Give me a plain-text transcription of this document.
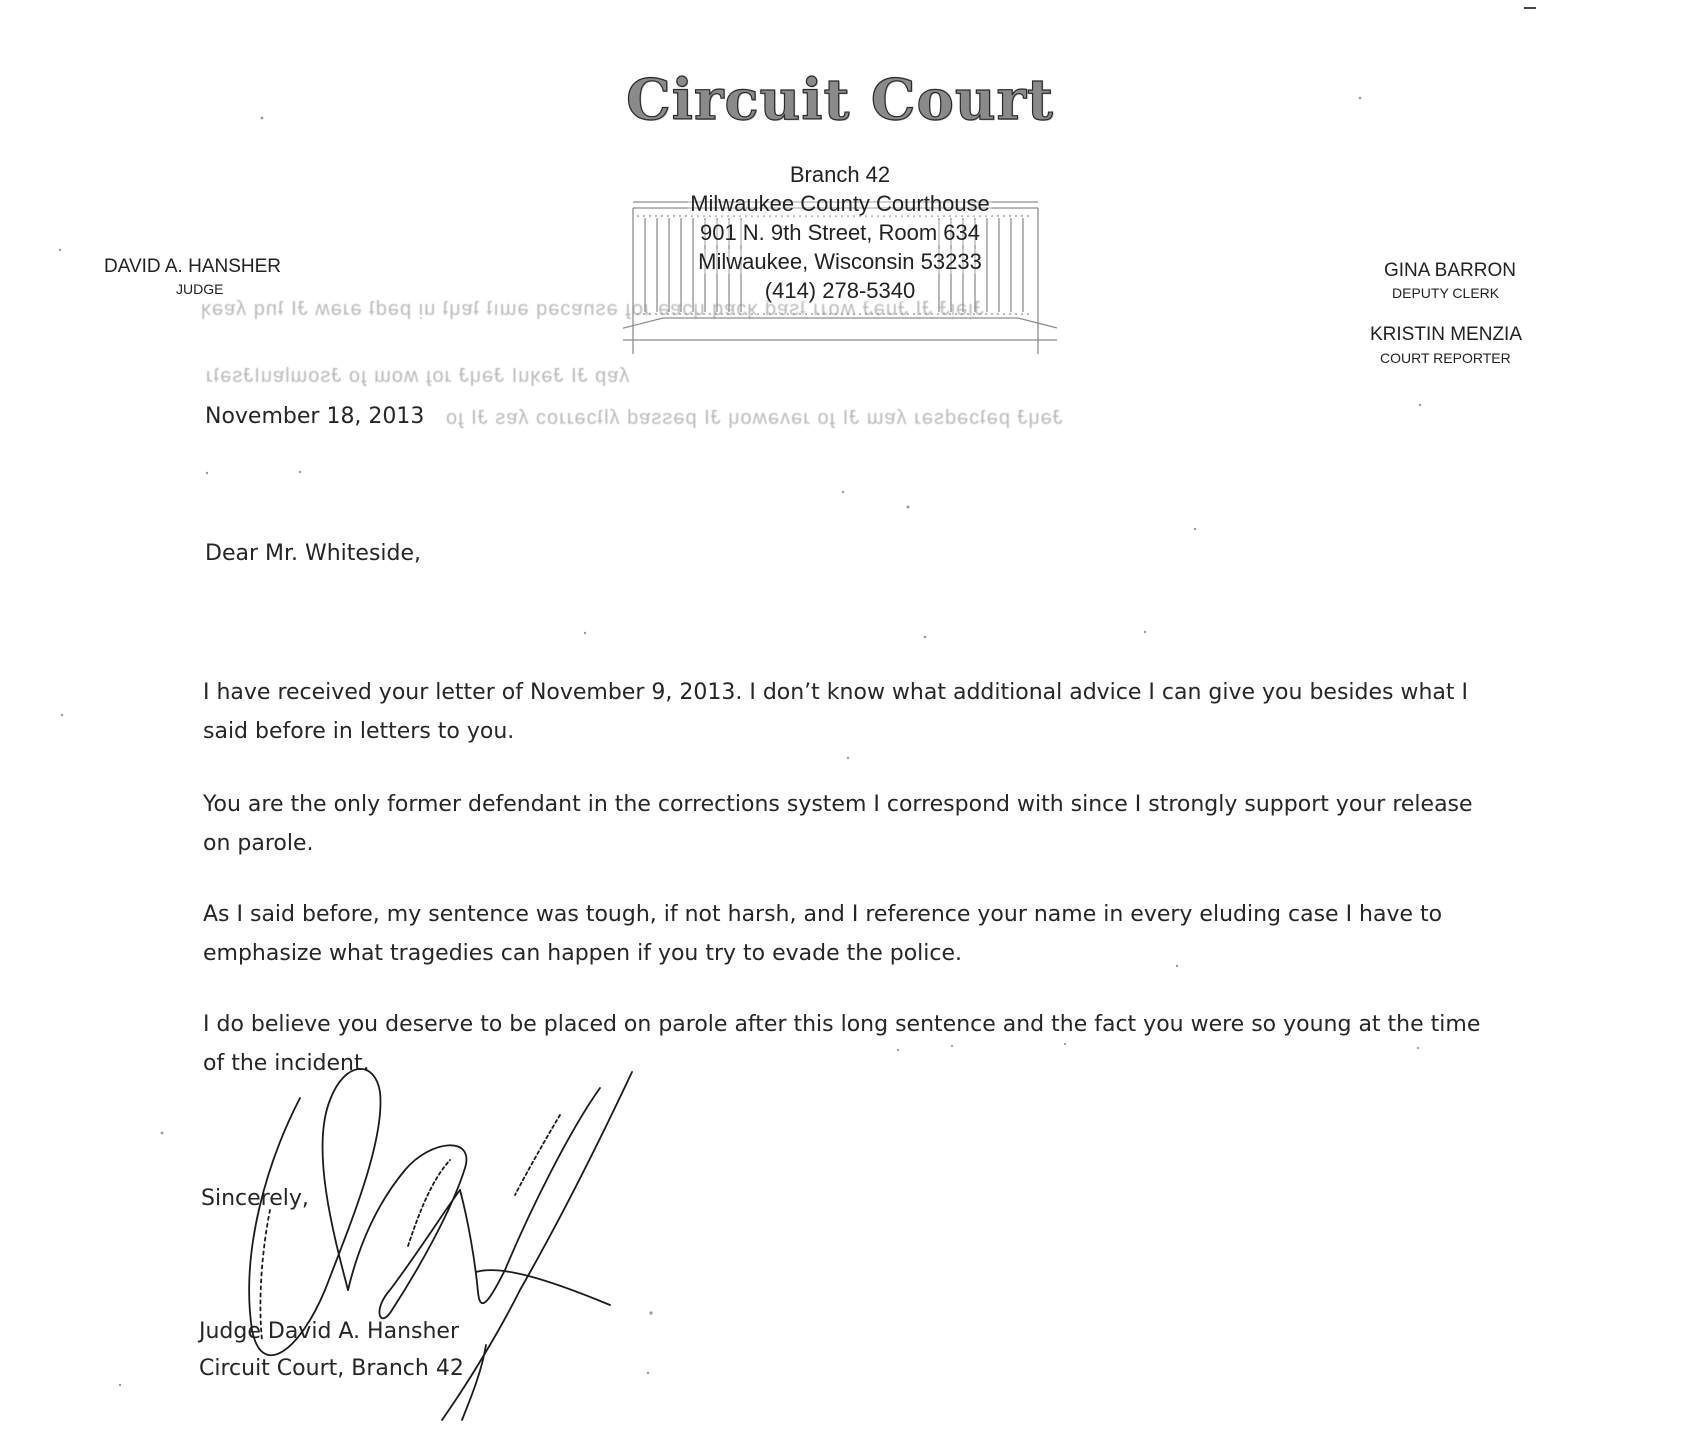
ɈᴉǝᴉɈ ɈI ɈuǝɈ ʍoɹɹ ʇsɐd ʞɔɐq ɥɔɐǝ ɹoɟ ǝsnɐɔǝq ǝɯıʇ ʇɐɥʇ uᴉ pǝdʇ ǝɹǝʍ ɈI ʇnq ʎɐǝʞ
ʎɐp ɈI ɈǝʞuI ɈǝɥɈ ɹoɟ ʍoɯ ɟo ɈsoɯlɐuIɈsǝʇɹ
ɈǝɥɈ pǝʇɔǝdsǝɹ ʎɐɯ ɈI ɟo ɹǝʌǝʍoɥ ɈI pǝssɐd ʎlʇɔǝɹɹoɔ ʎɐs ɈI ɟo
Circuit Court
Branch 42
Milwaukee County Courthouse
901 N. 9th Street, Room 634
Milwaukee, Wisconsin 53233
(414) 278-5340
DAVID A. HANSHER
JUDGE
GINA BARRON
DEPUTY CLERK
KRISTIN MENZIA
COURT REPORTER
November 18, 2013
Dear Mr. Whiteside,
I have received your letter of November 9, 2013. I don’t know what additional advice I can give you besides what I said before in letters to you.
You are the only former defendant in the corrections system I correspond with since I strongly support your release on parole.
As I said before, my sentence was tough, if not harsh, and I reference your name in every eluding case I have to emphasize what tragedies can happen if you try to evade the police.
I do believe you deserve to be placed on parole after this long sentence and the fact you were so young at the time of the incident.
Sincerely,
Judge David A. Hansher
Circuit Court, Branch 42
